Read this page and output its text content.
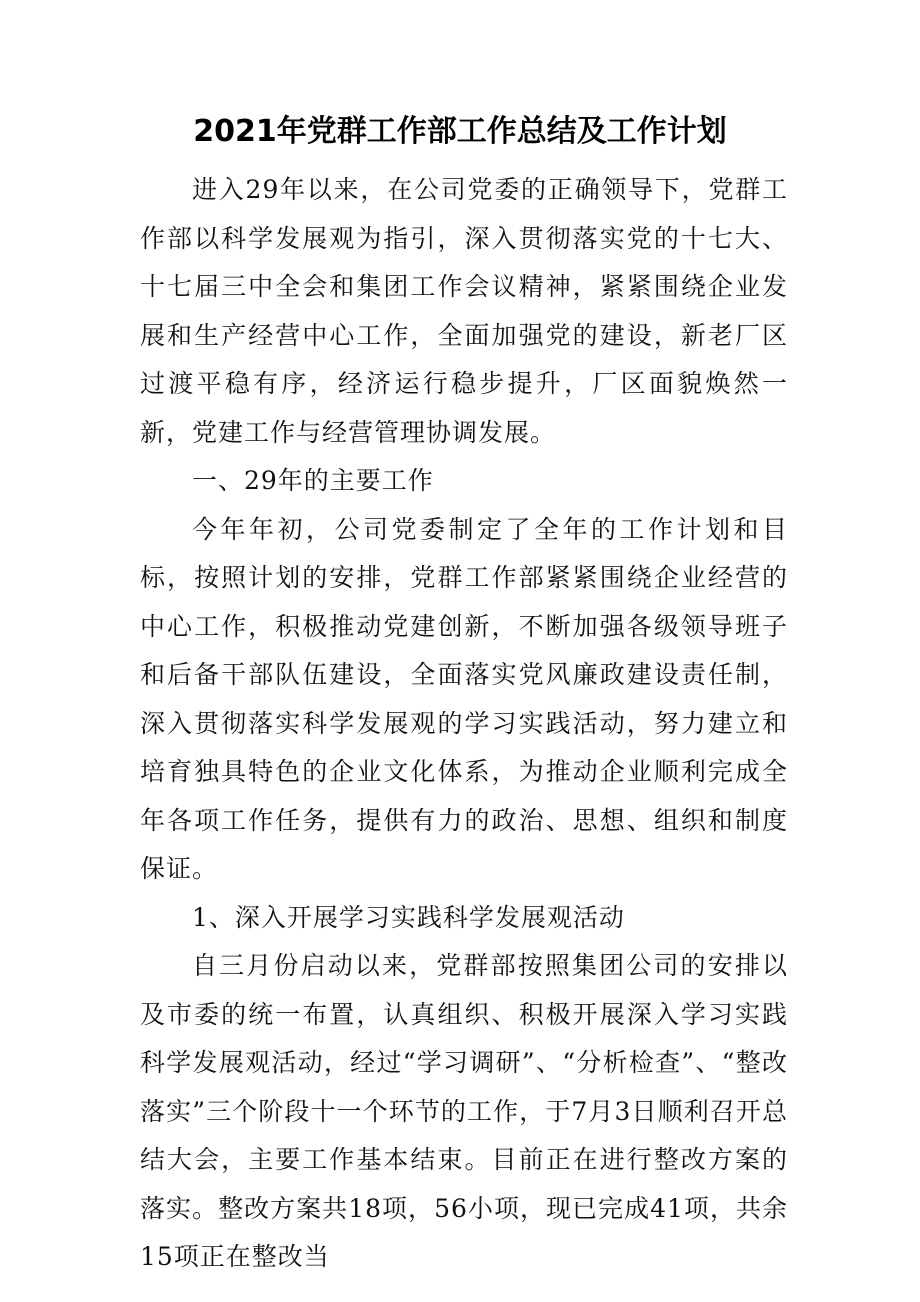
2021年党群工作部工作总结及工作计划

进入29年以来，在公司党委的正确领导下，党群工作部以科学发展观为指引，深入贯彻落实党的十七大、十七届三中全会和集团工作会议精神，紧紧围绕企业发展和生产经营中心工作，全面加强党的建设，新老厂区过渡平稳有序，经济运行稳步提升，厂区面貌焕然一新，党建工作与经营管理协调发展。

一、29年的主要工作

今年年初，公司党委制定了全年的工作计划和目标，按照计划的安排，党群工作部紧紧围绕企业经营的中心工作，积极推动党建创新，不断加强各级领导班子和后备干部队伍建设，全面落实党风廉政建设责任制，深入贯彻落实科学发展观的学习实践活动，努力建立和培育独具特色的企业文化体系，为推动企业顺利完成全年各项工作任务，提供有力的政治、思想、组织和制度保证。

1、深入开展学习实践科学发展观活动

自三月份启动以来，党群部按照集团公司的安排以及市委的统一布置，认真组织、积极开展深入学习实践科学发展观活动，经过“学习调研”、“分析检查”、“整改落实”三个阶段十一个环节的工作，于7月3日顺利召开总结大会，主要工作基本结束。目前正在进行整改方案的落实。整改方案共18项，56小项，现已完成41项，共余15项正在整改当
